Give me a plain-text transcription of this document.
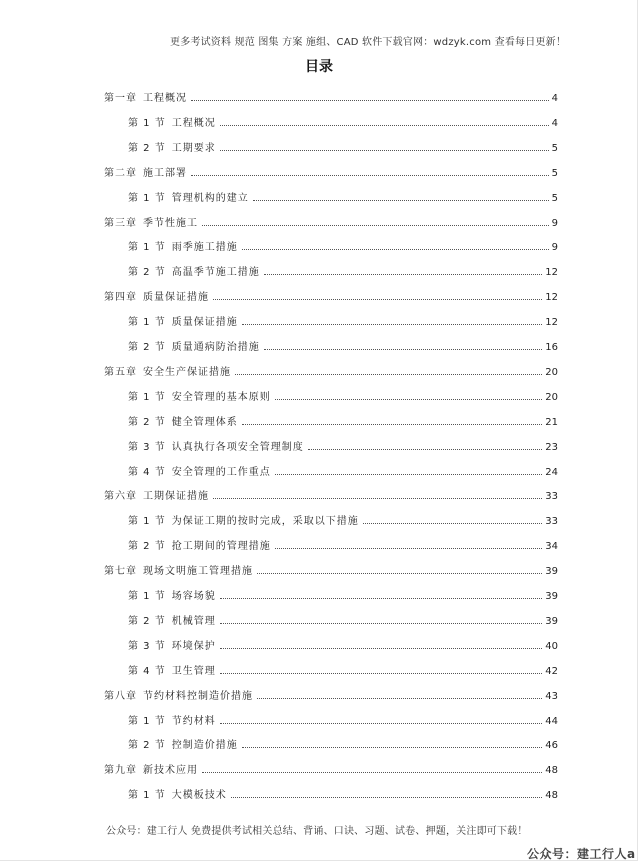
更多考试资料 规范 图集 方案 施组、CAD 软件下载官网：wdzyk.com 查看每日更新！
目录
第一章 工程概况	4
第 1 节 工程概况	4
第 2 节 工期要求	5
第二章 施工部署	5
第 1 节 管理机构的建立	5
第三章 季节性施工	9
第 1 节 雨季施工措施	9
第 2 节 高温季节施工措施	12
第四章 质量保证措施	12
第 1 节 质量保证措施	12
第 2 节 质量通病防治措施	16
第五章 安全生产保证措施	20
第 1 节 安全管理的基本原则	20
第 2 节 健全管理体系	21
第 3 节 认真执行各项安全管理制度	23
第 4 节 安全管理的工作重点	24
第六章 工期保证措施	33
第 1 节 为保证工期的按时完成，采取以下措施	33
第 2 节 抢工期间的管理措施	34
第七章 现场文明施工管理措施	39
第 1 节 场容场貌	39
第 2 节 机械管理	39
第 3 节 环境保护	40
第 4 节 卫生管理	42
第八章 节约材料控制造价措施	43
第 1 节 节约材料	44
第 2 节 控制造价措施	46
第九章 新技术应用	48
第 1 节 大模板技术	48
公众号：建工行人 免费提供考试相关总结、背诵、口诀、习题、试卷、押题，关注即可下载！
公众号：建工行人a
